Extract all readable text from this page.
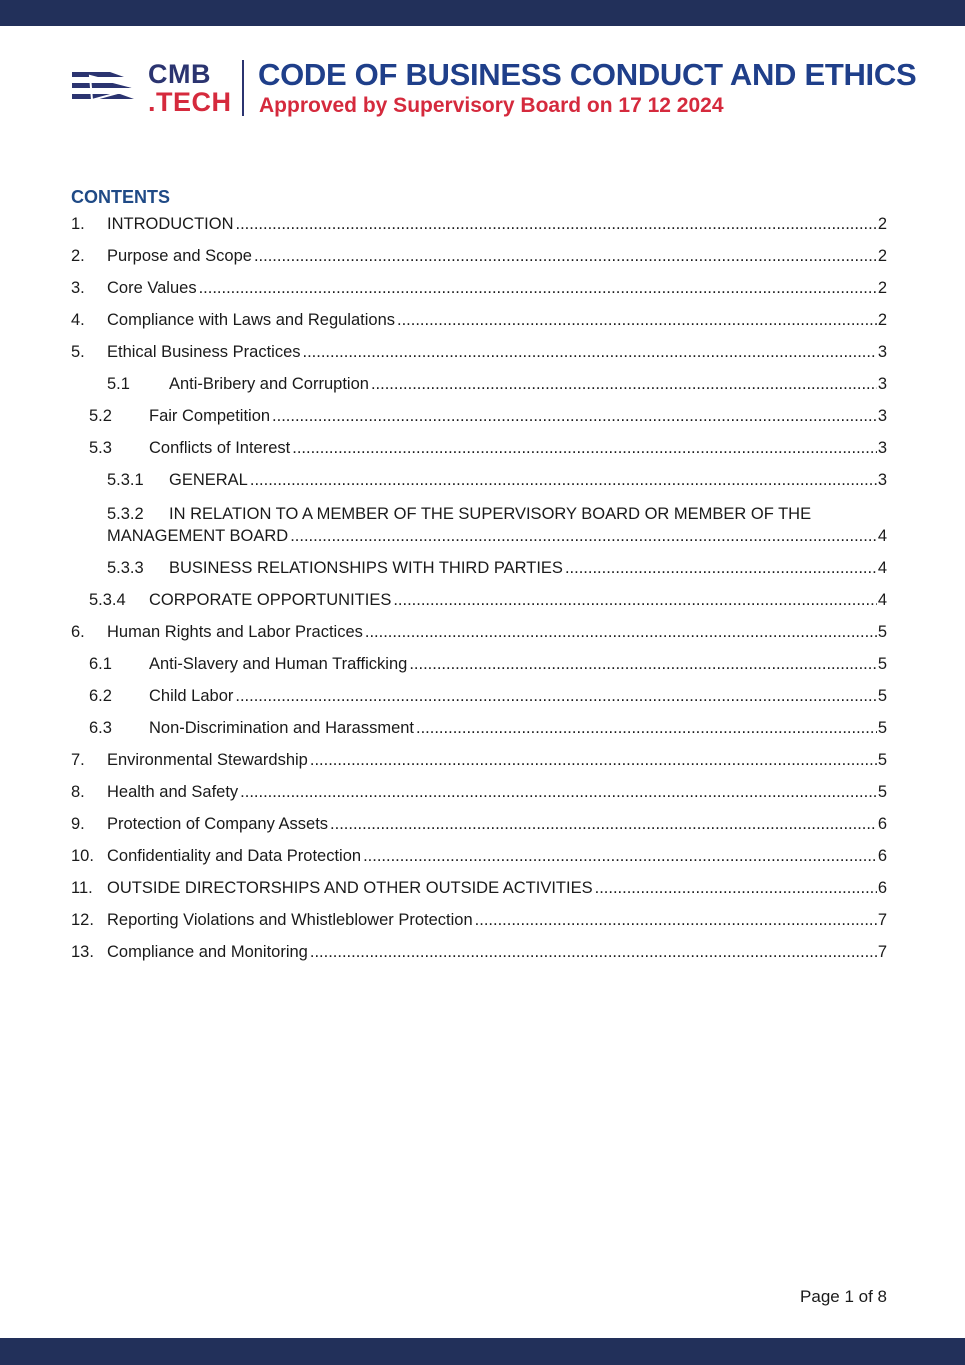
CMB
.TECH
CODE OF BUSINESS CONDUCT AND ETHICS
Approved by Supervisory Board on 17 12 2024
CONTENTS
1.	INTRODUCTION .....	2
2.	Purpose and Scope .....	2
3.	Core Values .....	2
4.	Compliance with Laws and Regulations .....	2
5.	Ethical Business Practices .....	3
5.1	Anti-Bribery and Corruption .....	3
5.2	Fair Competition .....	3
5.3	Conflicts of Interest .....	3
5.3.1	GENERAL .....	3
5.3.2	IN RELATION TO A MEMBER OF THE SUPERVISORY BOARD OR MEMBER OF THE
MANAGEMENT BOARD .....	4
5.3.3	BUSINESS RELATIONSHIPS WITH THIRD PARTIES .....	4
5.3.4	CORPORATE OPPORTUNITIES .....	4
6.	Human Rights and Labor Practices .....	5
6.1	Anti-Slavery and Human Trafficking .....	5
6.2	Child Labor .....	5
6.3	Non-Discrimination and Harassment .....	5
7.	Environmental Stewardship .....	5
8.	Health and Safety .....	5
9.	Protection of Company Assets .....	6
10. Confidentiality and Data Protection .....	6
11. OUTSIDE DIRECTORSHIPS AND OTHER OUTSIDE ACTIVITIES .....	6
12. Reporting Violations and Whistleblower Protection .....	7
13. Compliance and Monitoring .....	7
Page 1 of 8
